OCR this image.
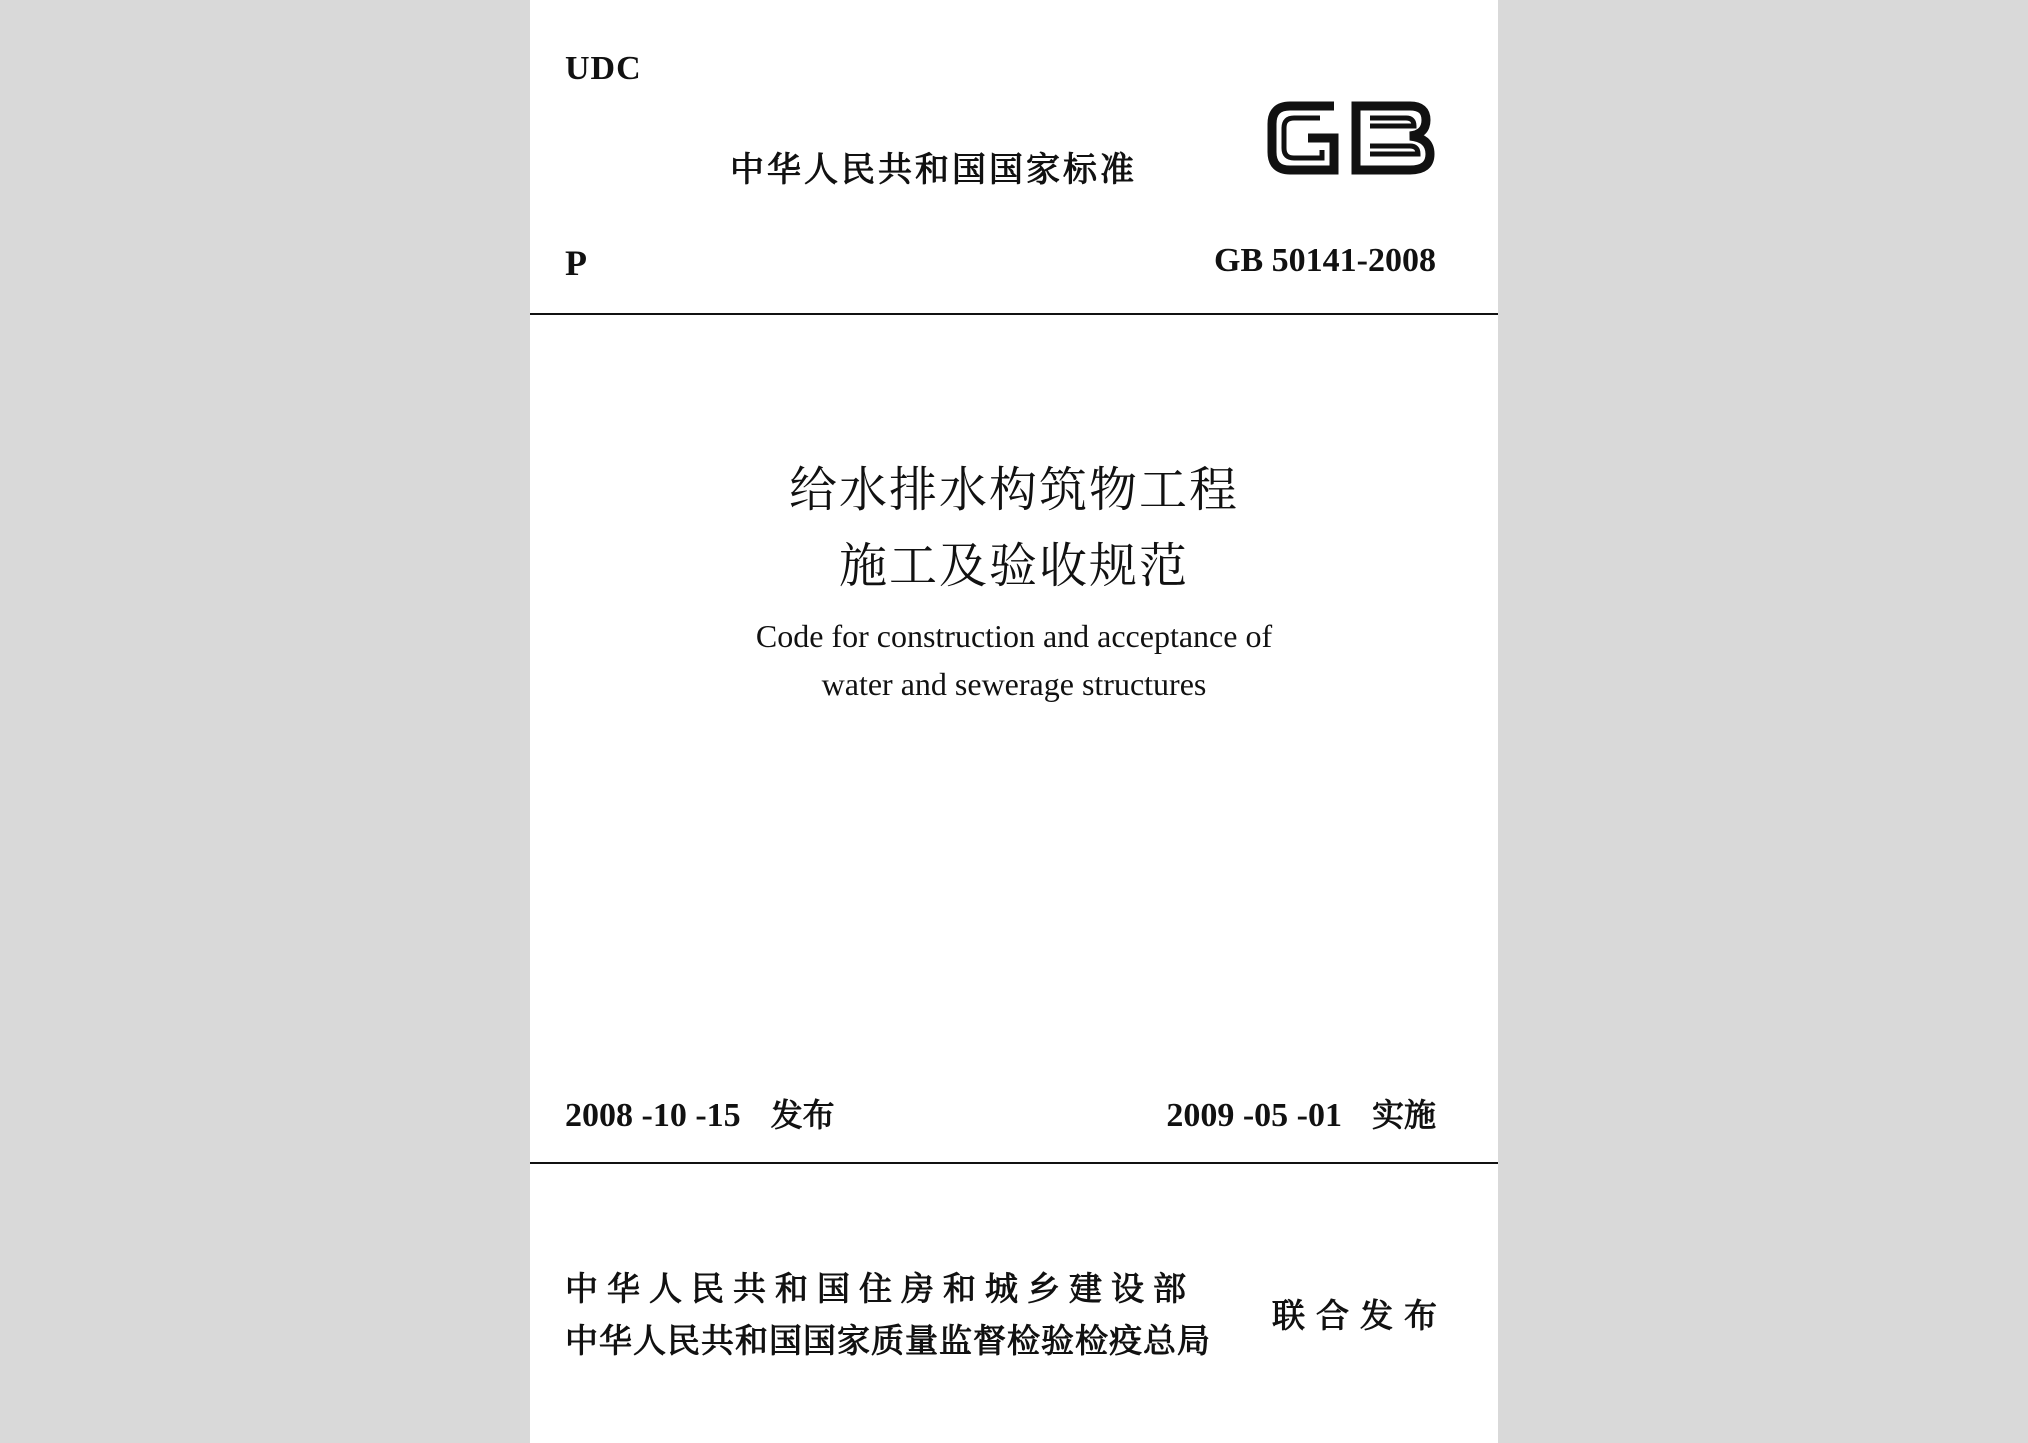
UDC
中华人民共和国国家标准
P	GB 50141-2008
给水排水构筑物工程
施工及验收规范
Code for construction and acceptance of
water and sewerage structures
2008 -10 -15 发布	2009 -05 -01 实施
中华人民共和国住房和城乡建设部
中华人民共和国国家质量监督检验检疫总局
联合发布
